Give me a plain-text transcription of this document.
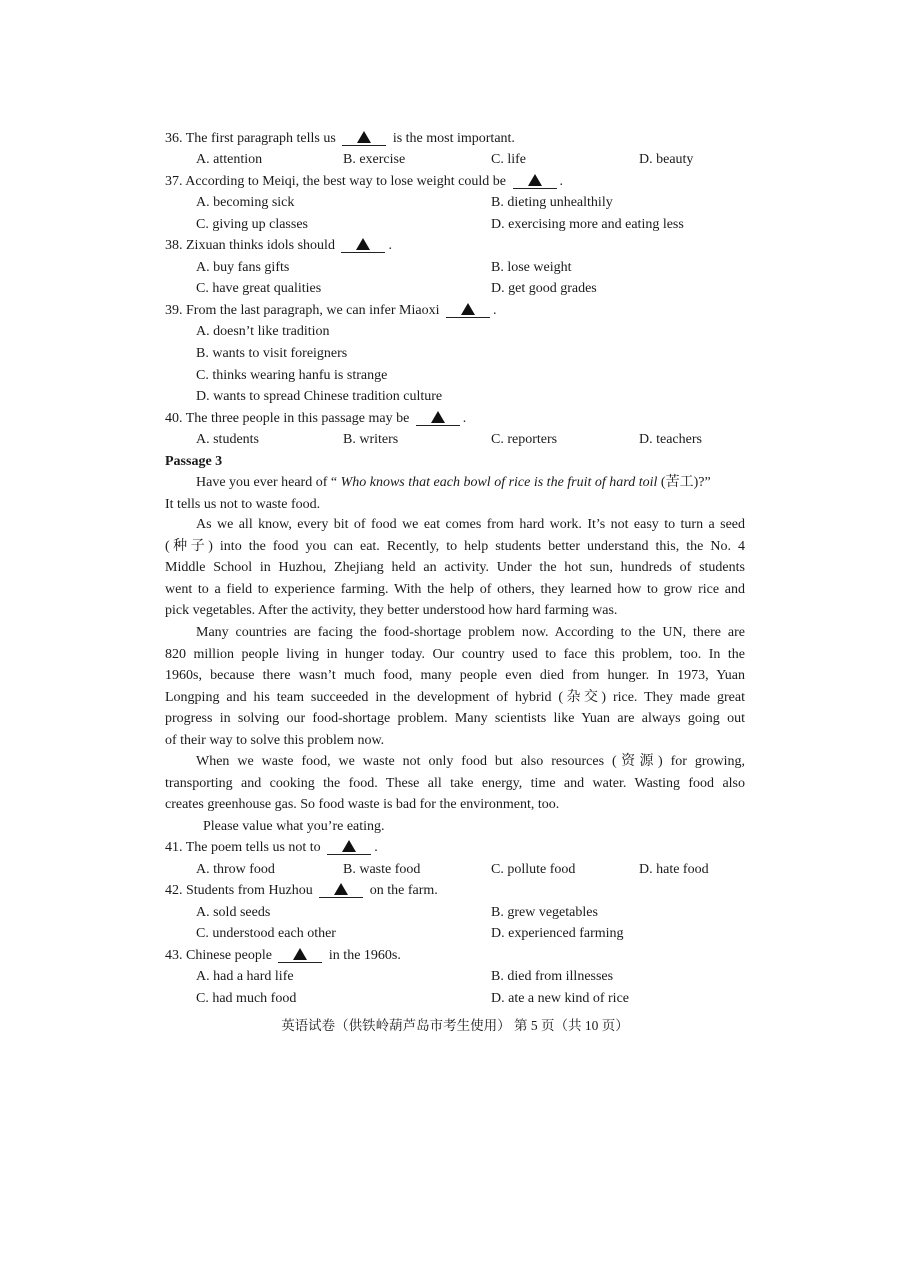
36. The first paragraph tells us	is the most important.
A. attention	B. exercise	C. life	D. beauty
37. According to Meiqi, the best way to lose weight could be	.
A. becoming sick	B. dieting unhealthily
C. giving up classes	D. exercising more and eating less
38. Zixuan thinks idols should	.
A. buy fans gifts	B. lose weight
C. have great qualities	D. get good grades
39. From the last paragraph, we can infer Miaoxi	.
A. doesn’t like tradition
B. wants to visit foreigners
C. thinks wearing hanfu is strange
D. wants to spread Chinese tradition culture
40. The three people in this passage may be	.
A. students	B. writers	C. reporters	D. teachers
Passage 3
Have you ever heard of “ Who knows that each bowl of rice is the fruit of hard toil (苦工)?”
It tells us not to waste food.
As we all know, every bit of food we eat comes from hard work. It’s not easy to turn a seed
(种子) into the food you can eat. Recently, to help students better understand this, the No. 4
Middle School in Huzhou, Zhejiang held an activity. Under the hot sun, hundreds of students
went to a field to experience farming. With the help of others, they learned how to grow rice and
pick vegetables. After the activity, they better understood how hard farming was.
Many countries are facing the food-shortage problem now. According to the UN, there are
820 million people living in hunger today. Our country used to face this problem, too. In the
1960s, because there wasn’t much food, many people even died from hunger. In 1973, Yuan
Longping and his team succeeded in the development of hybrid (杂交) rice. They made great
progress in solving our food-shortage problem. Many scientists like Yuan are always going out
of their way to solve this problem now.
When we waste food, we waste not only food but also resources (资源) for growing,
transporting and cooking the food. These all take energy, time and water. Wasting food also
creates greenhouse gas. So food waste is bad for the environment, too.
Please value what you’re eating.
41. The poem tells us not to	.
A. throw food	B. waste food	C. pollute food	D. hate food
42. Students from Huzhou	on the farm.
A. sold seeds	B. grew vegetables
C. understood each other	D. experienced farming
43. Chinese people	in the 1960s.
A. had a hard life	B. died from illnesses
C. had much food	D. ate a new kind of rice
英语试卷（供铁岭葫芦岛市考生使用） 第 5 页（共 10 页）
